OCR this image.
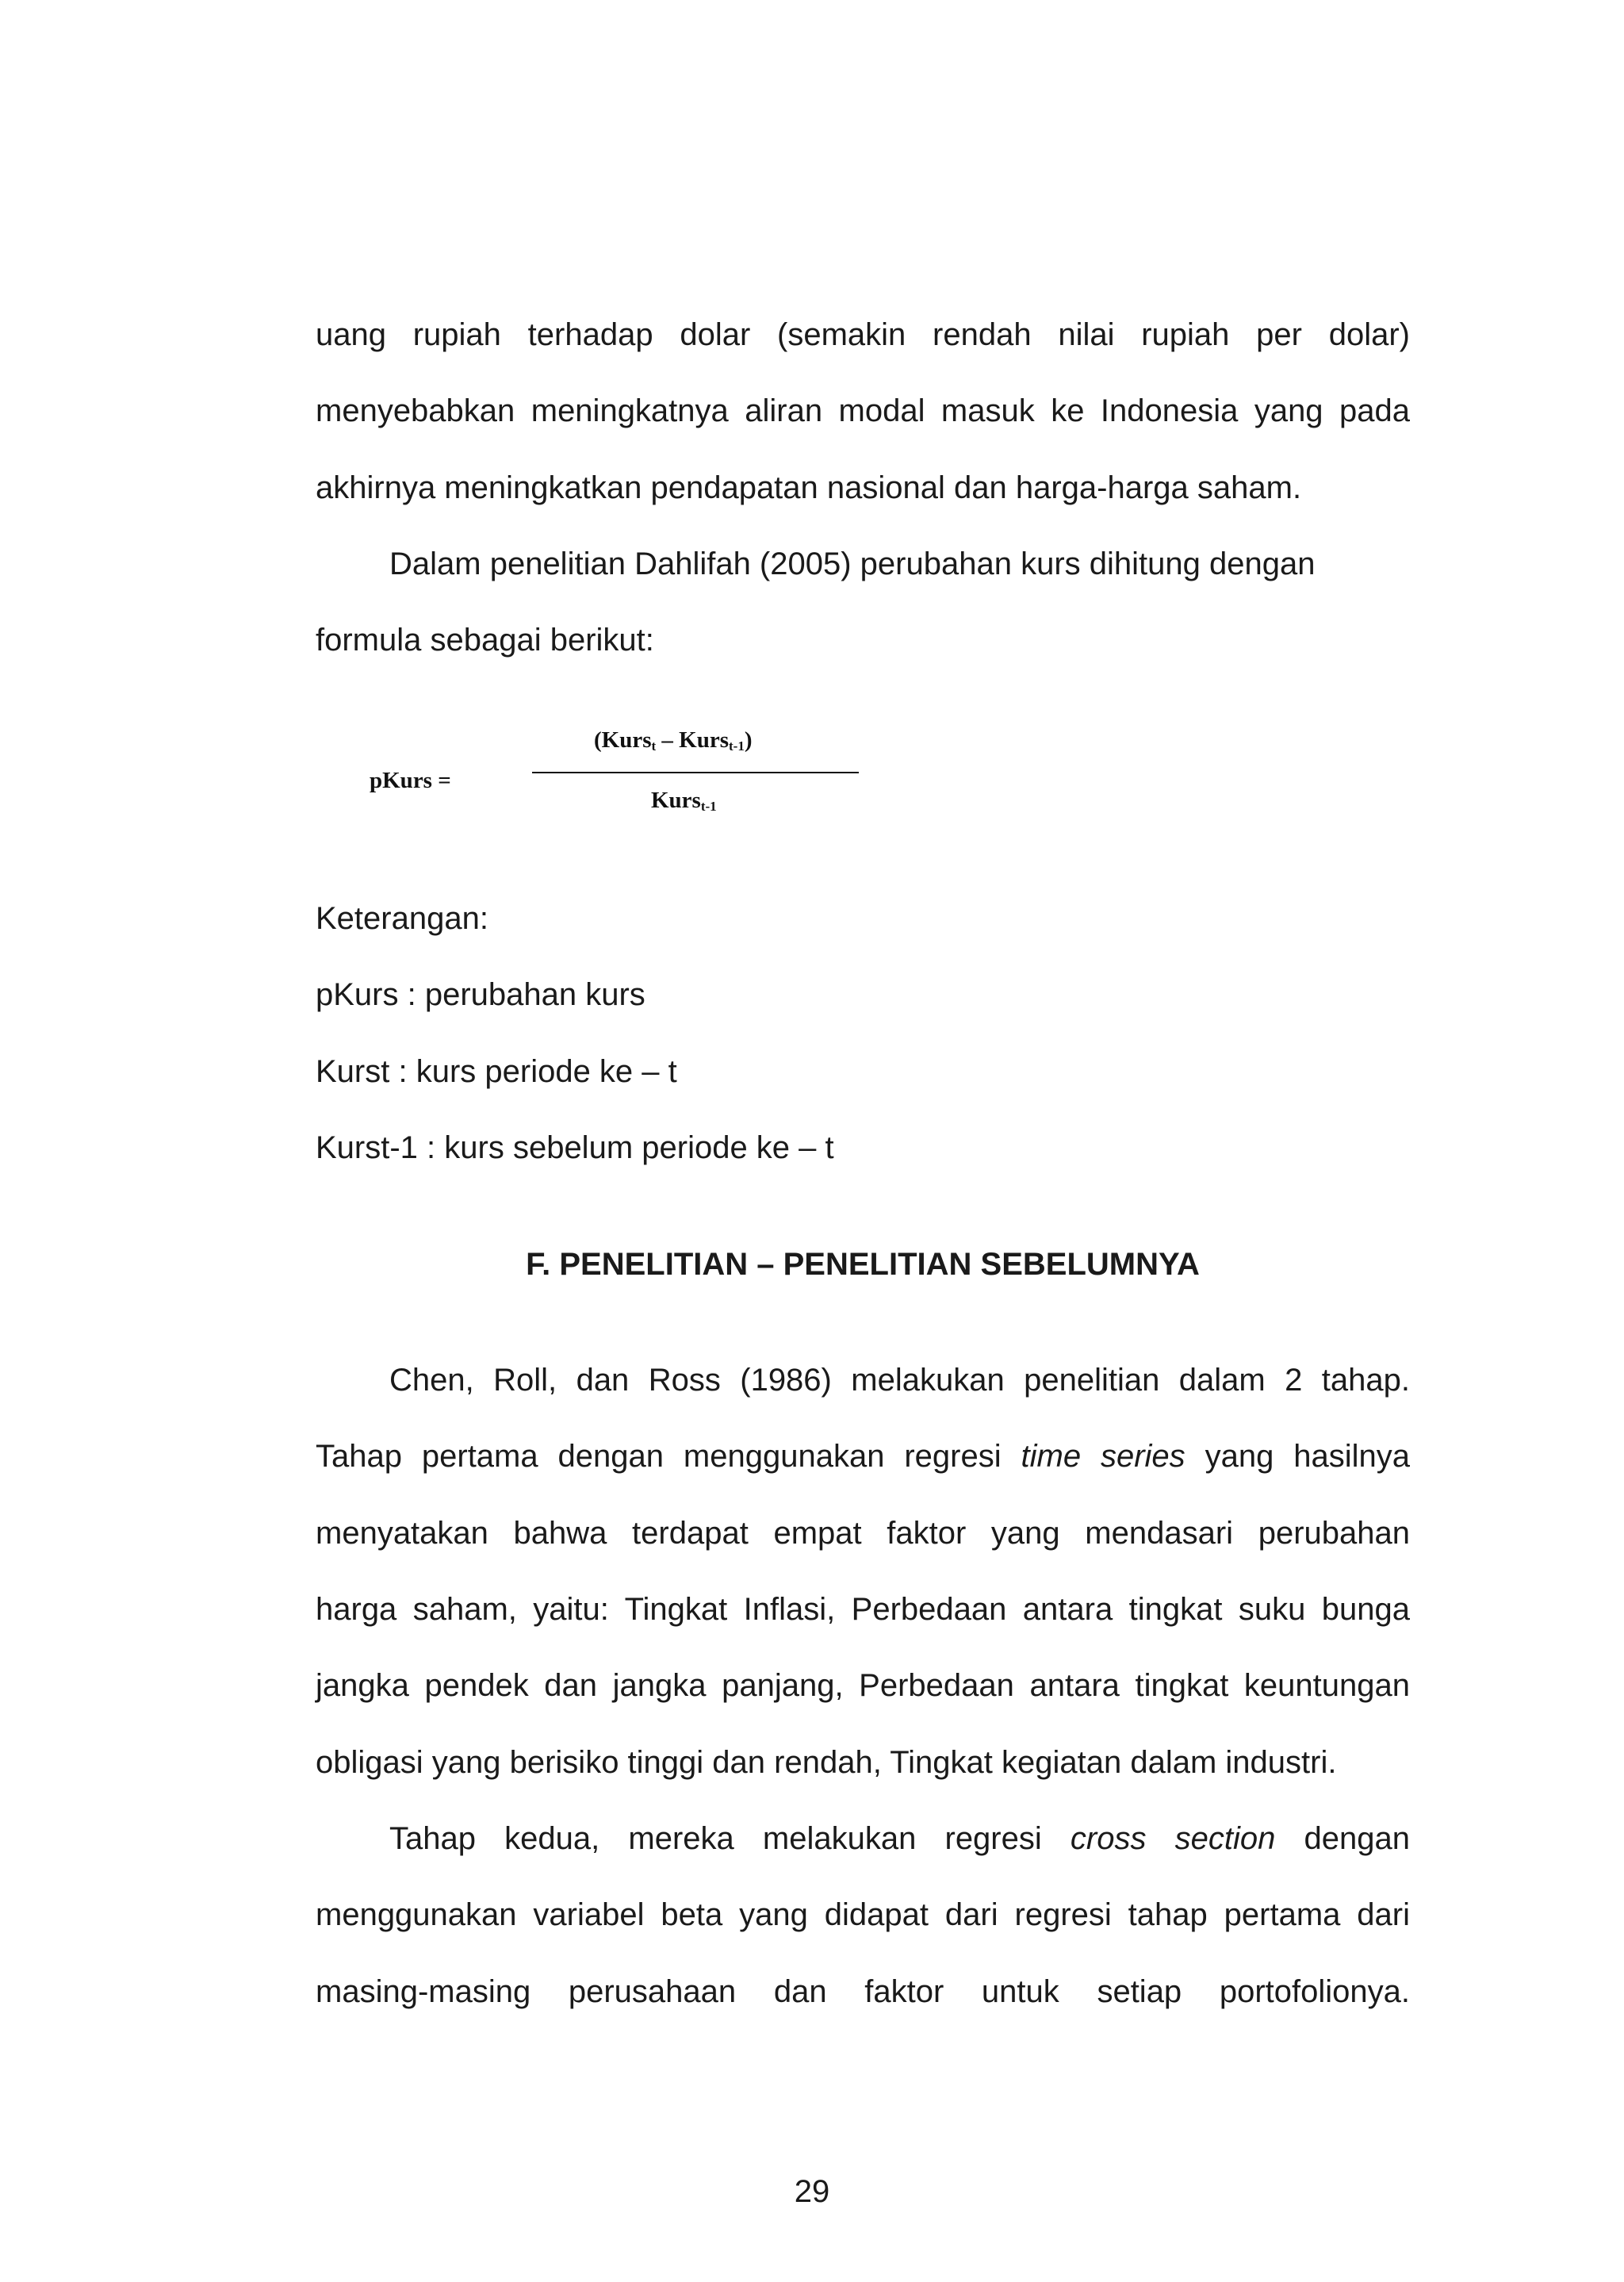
uang rupiah terhadap dolar (semakin rendah nilai rupiah per dolar)
menyebabkan meningkatnya aliran modal masuk ke Indonesia yang pada
akhirnya meningkatkan pendapatan nasional dan harga-harga saham.
Dalam penelitian Dahlifah (2005) perubahan kurs dihitung dengan
formula sebagai berikut:
pKurs =
(Kurs$_t$ – Kurs$_{t-1}$)
Kurs$_{t-1}$
Keterangan:
pKurs : perubahan kurs
Kurst : kurs periode ke – t
Kurst-1 : kurs sebelum periode ke – t
F. PENELITIAN – PENELITIAN SEBELUMNYA
Chen, Roll, dan Ross (1986) melakukan penelitian dalam 2 tahap.
Tahap pertama dengan menggunakan regresi time series yang hasilnya
menyatakan bahwa terdapat empat faktor yang mendasari perubahan
harga saham, yaitu: Tingkat Inflasi, Perbedaan antara tingkat suku bunga
jangka pendek dan jangka panjang, Perbedaan antara tingkat keuntungan
obligasi yang berisiko tinggi dan rendah, Tingkat kegiatan dalam industri.
Tahap kedua, mereka melakukan regresi cross section dengan
menggunakan variabel beta yang didapat dari regresi tahap pertama dari
masing-masing perusahaan dan faktor untuk setiap portofolionya.
29
